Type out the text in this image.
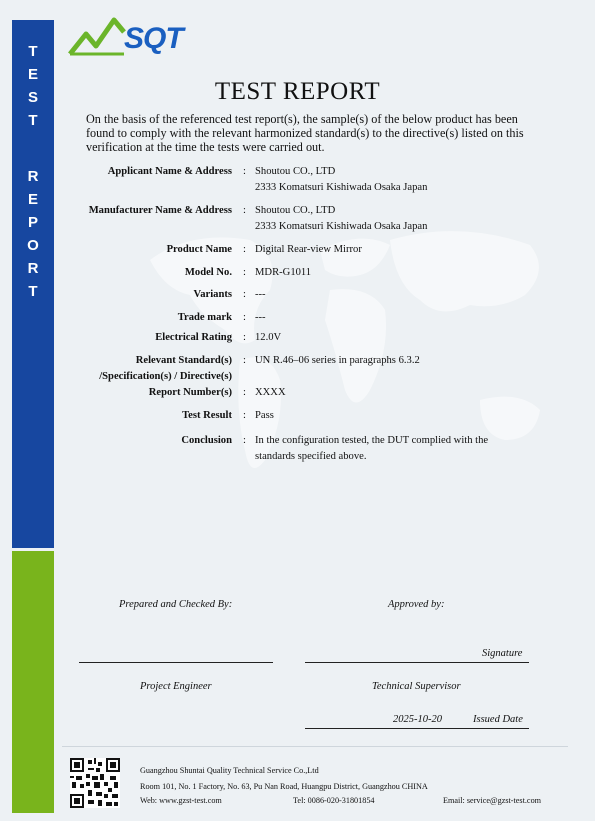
T
E
S
T
R
E
P
O
R
T
SQT
TEST REPORT
On the basis of the referenced test report(s), the sample(s) of the below product has been found to comply with the relevant harmonized standard(s) to the directive(s) listed on this verification at the time the tests were carried out.
Applicant Name & Address : Shoutou CO., LTD
2333 Komatsuri Kishiwada Osaka Japan
Manufacturer Name & Address : Shoutou CO., LTD
2333 Komatsuri Kishiwada Osaka Japan
Product Name : Digital Rear-view Mirror
Model No. : MDR-G1011
Variants : ---
Trade mark : ---
Electrical Rating : 12.0V
Relevant Standard(s)
/Specification(s) / Directive(s)
: UN R.46–06 series in paragraphs 6.3.2
Report Number(s) : XXXX
Test Result : Pass
Conclusion : In the configuration tested, the DUT complied with the
standards specified above.
Prepared and Checked By:	Approved by:
Signature
Project Engineer	Technical Supervisor
2025-10-20	Issued Date
Guangzhou Shuntai Quality Technical Service Co.,Ltd
Room 101, No. 1 Factory, No. 63, Pu Nan Road, Huangpu District, Guangzhou CHINA
Web: www.gzst-test.com	Tel: 0086-020-31801854	Email: service@gzst-test.com
